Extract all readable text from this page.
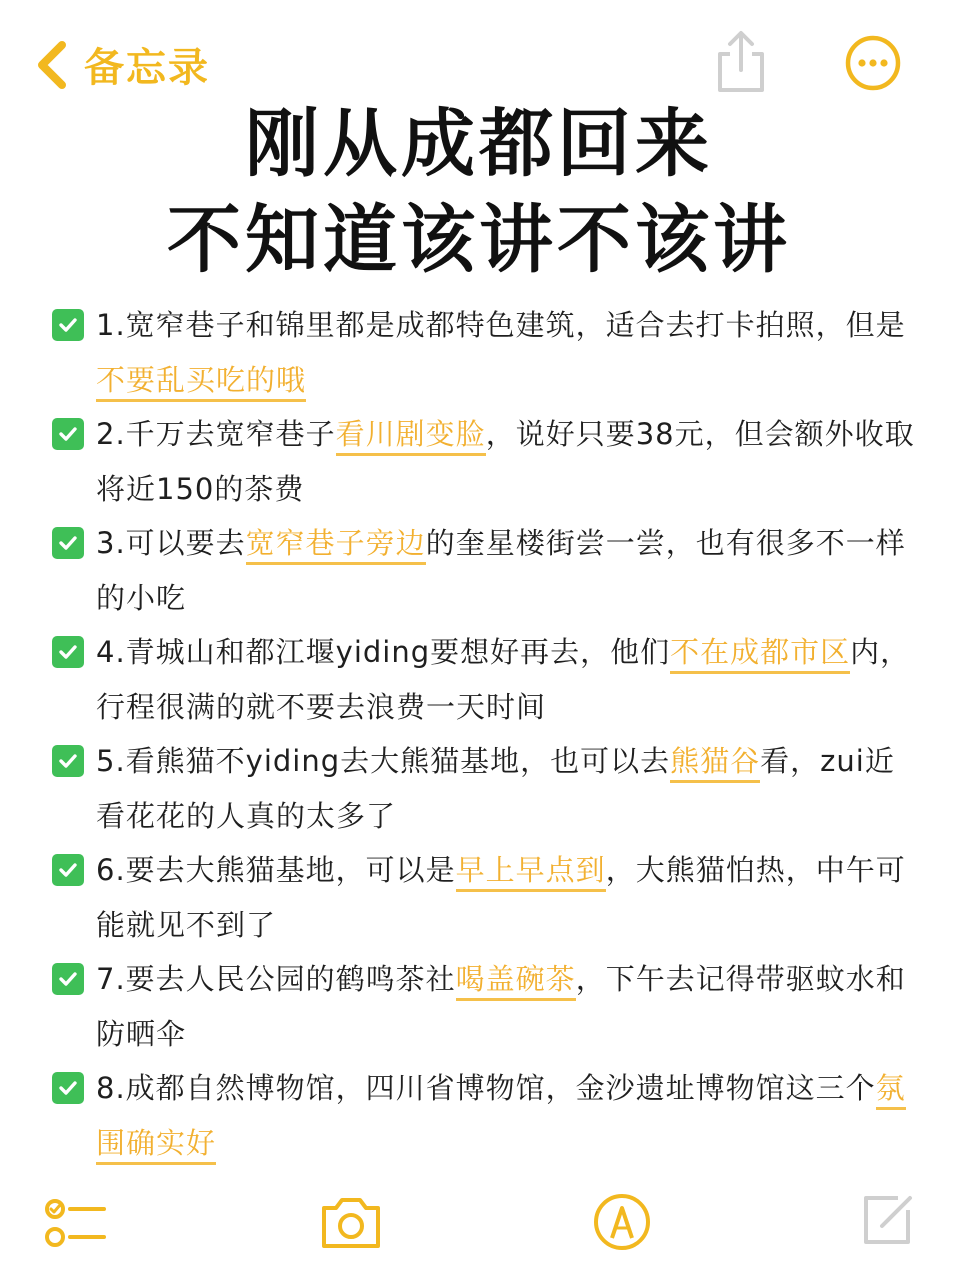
备忘录
刚从成都回来
不知道该讲不该讲
1.宽窄巷子和锦里都是成都特色建筑，适合去打卡拍照，但是不要乱买吃的哦
2.千万去宽窄巷子看川剧变脸，说好只要38元，但会额外收取将近150的茶费
3.可以要去宽窄巷子旁边的奎星楼街尝一尝，也有很多不一样的小吃
4.青城山和都江堰yiding要想好再去，他们不在成都市区内，行程很满的就不要去浪费一天时间
5.看熊猫不yiding去大熊猫基地，也可以去熊猫谷看，zui近看花花的人真的太多了
6.要去大熊猫基地，可以是早上早点到，大熊猫怕热，中午可能就见不到了
7.要去人民公园的鹤鸣茶社喝盖碗茶，下午去记得带驱蚊水和防晒伞
8.成都自然博物馆，四川省博物馆，金沙遗址博物馆这三个氛围确实好
